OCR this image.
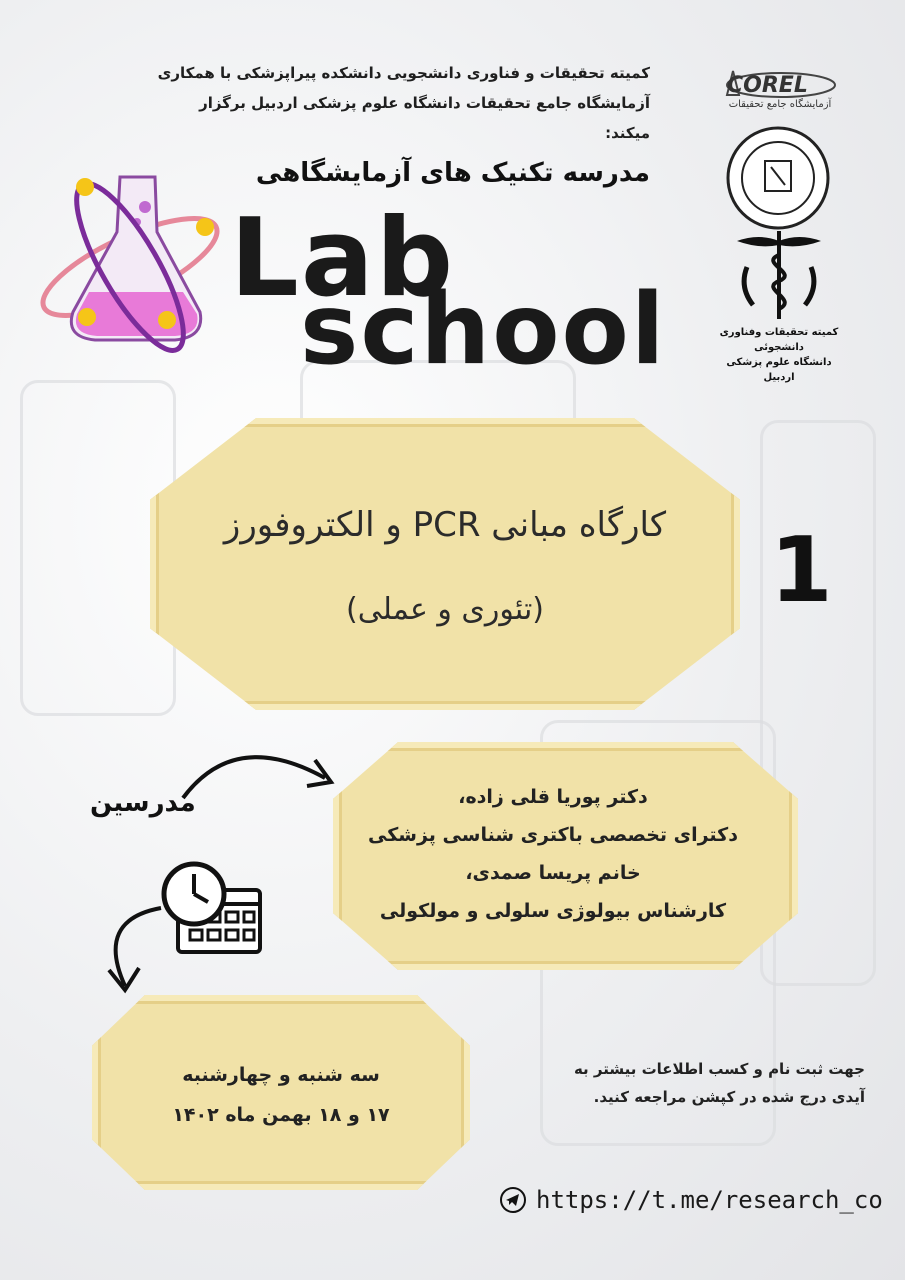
کمیته تحقیقات و فناوری دانشجویی دانشکده پیراپزشکی با همکاری آزمایشگاه جامع تحقیقات دانشگاه علوم پزشکی اردبیل برگزار میکند:
مدرسه تکنیک های آزمایشگاهی
Lab
school
COREL
آزمایشگاه جامع تحقیقات
کمیته تحقیقات وفناوری دانشجوئی
دانشگاه علوم پزشکی اردبیل
کارگاه مبانی PCR و الکتروفورز
(تئوری و عملی)	1
مدرسین	دکتر پوریا قلی زاده،
دکترای تخصصی باکتری شناسی پزشکی
خانم پریسا صمدی،
کارشناس بیولوژی سلولی و مولکولی
سه شنبه و چهارشنبه
۱۷ و ۱۸ بهمن ماه ۱۴۰۲
جهت ثبت نام و کسب اطلاعات بیشتر به آیدی درج شده در کپشن مراجعه کنید.
https://t.me/research_co
